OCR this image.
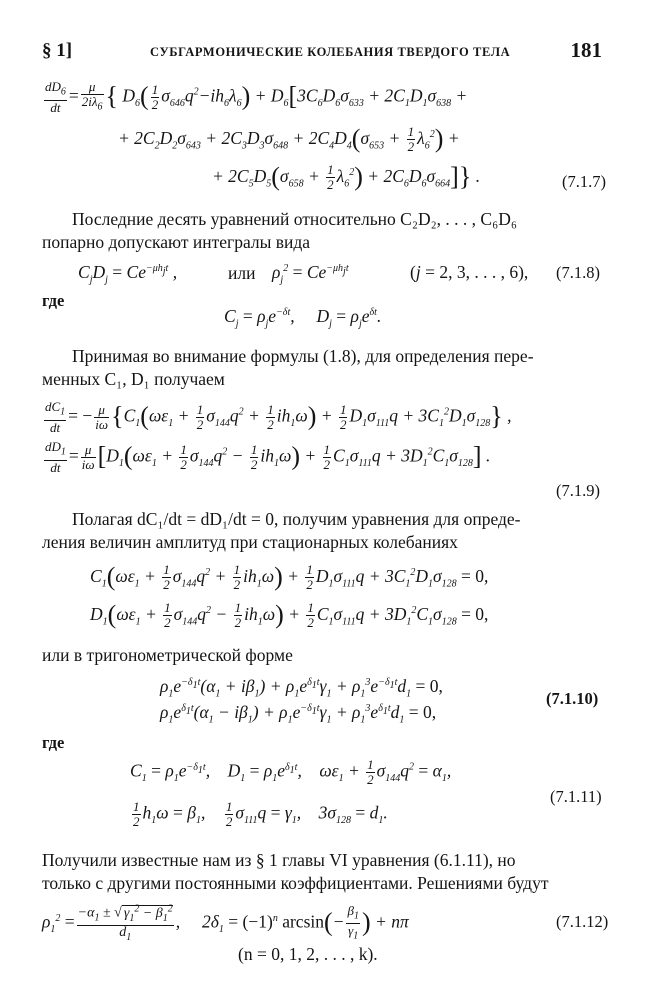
§ 1]	СУБГАРМОНИЧЕСКИЕ КОЛЕБАНИЯ ТВЕРДОГО ТЕЛА	181
$\frac{dD_6}{dt} = \frac{\mu}{2i\lambda_6}$ { $D_6( \frac{1}{2} \sigma_{646}q^2-ih_6\lambda_6) + D_6[3C_6D_6\sigma_{633} + 2C_1D_1\sigma_{638}$ +
+ $2C_2D_2\sigma_{643} + 2C_3D_3\sigma_{648} + 2C_4D_4(\sigma_{653} + \frac{1}{2} \lambda_6^2)$ +
+ $2C_5D_5(\sigma_{658} + \frac{1}{2} \lambda_6^2) + 2C_6D_6\sigma_{664}$]} .	(7.1.7)
Последние десять уравнений относительно C₂D₂, . . . , C₆D₆
попарно допускают интегралы вида
$C_jD_j = Ce^{-\mu h_jt}$ ,	или $\rho_j^2 = Ce^{-\mu h_jt}$	(j = 2, 3, . . . , 6), (7.1.8)
где
$C_j = \rho_je^{-\delta t}$,     $D_j = \rho_je^{\delta t}$.
Принимая во внимание формулы (1.8), для определения пере-
менных C₁, D₁ получаем
$\frac{dC_1}{dt}$ = − $\frac{\mu}{i\omega} \{C_1(\omega\varepsilon_1 + \frac{1}{2} \sigma_{144}q^2 + \frac{1}{2} ih_1\omega) + \frac{1}{2} D_1\sigma_{111}q + 3C_1^2D_1\sigma_{128}\}$ ,
$\frac{dD_1}{dt} = \frac{\mu}{i\omega} [D_1(\omega\varepsilon_1 + \frac{1}{2} \sigma_{144}q^2 - \frac{1}{2} ih_1\omega) + \frac{1}{2} C_1\sigma_{111}q + 3D_1^2C_1\sigma_{128}]$ .
(7.1.9)
Полагая dC₁/dt = dD₁/dt = 0, получим уравнения для опреде-
ления величин амплитуд при стационарных колебаниях
$C_1(\omega\varepsilon_1 + \frac{1}{2} \sigma_{144}q^2 + \frac{1}{2} ih_1\omega) + \frac{1}{2} D_1\sigma_{111}q + 3C_1^2D_1\sigma_{128} = 0$,
$D_1(\omega\varepsilon_1 + \frac{1}{2} \sigma_{144}q^2 - \frac{1}{2} ih_1\omega) + \frac{1}{2} C_1\sigma_{111}q + 3D_1^2C_1\sigma_{128} = 0$,
или в тригонометрической форме
$\rho_1e^{-\delta_1t}(\alpha_1 + i\beta_1) + \rho_1e^{\delta_1t}\gamma_1 + \rho_1^3e^{-\delta_1t}d_1 = 0$,
$\rho_1e^{\delta_1t}(\alpha_1 - i\beta_1) + \rho_1e^{-\delta_1t}\gamma_1 + \rho_1^3e^{\delta_1t}d_1 = 0$,
(7.1.10)
где
$C_1 = \rho_1e^{-\delta_1t}$,    $D_1 = \rho_1e^{\delta_1t}$,    $\omega\varepsilon_1 + \frac{1}{2} \sigma_{144}q^2 = \alpha_1$,
$\frac{1}{2} h_1\omega = \beta_1$, $\frac{1}{2} \sigma_{111}q = \gamma_1$,    $3\sigma_{128} = d_1$.
(7.1.11)
Получили известные нам из § 1 главы VI уравнения (6.1.11), но
только с другими постоянными коэффициентами. Решениями будут
$\rho_1^2 = \frac{-\alpha_1 \pm √ \gamma_1^2 - \beta_1^2}{d_1}$ ,     $2\delta_1 = (-1)^n$ $\arcsin(- \frac{\beta_1}{\gamma_1}$ ) + nπ	(7.1.12)
(n = 0, 1, 2, . . . , k).
